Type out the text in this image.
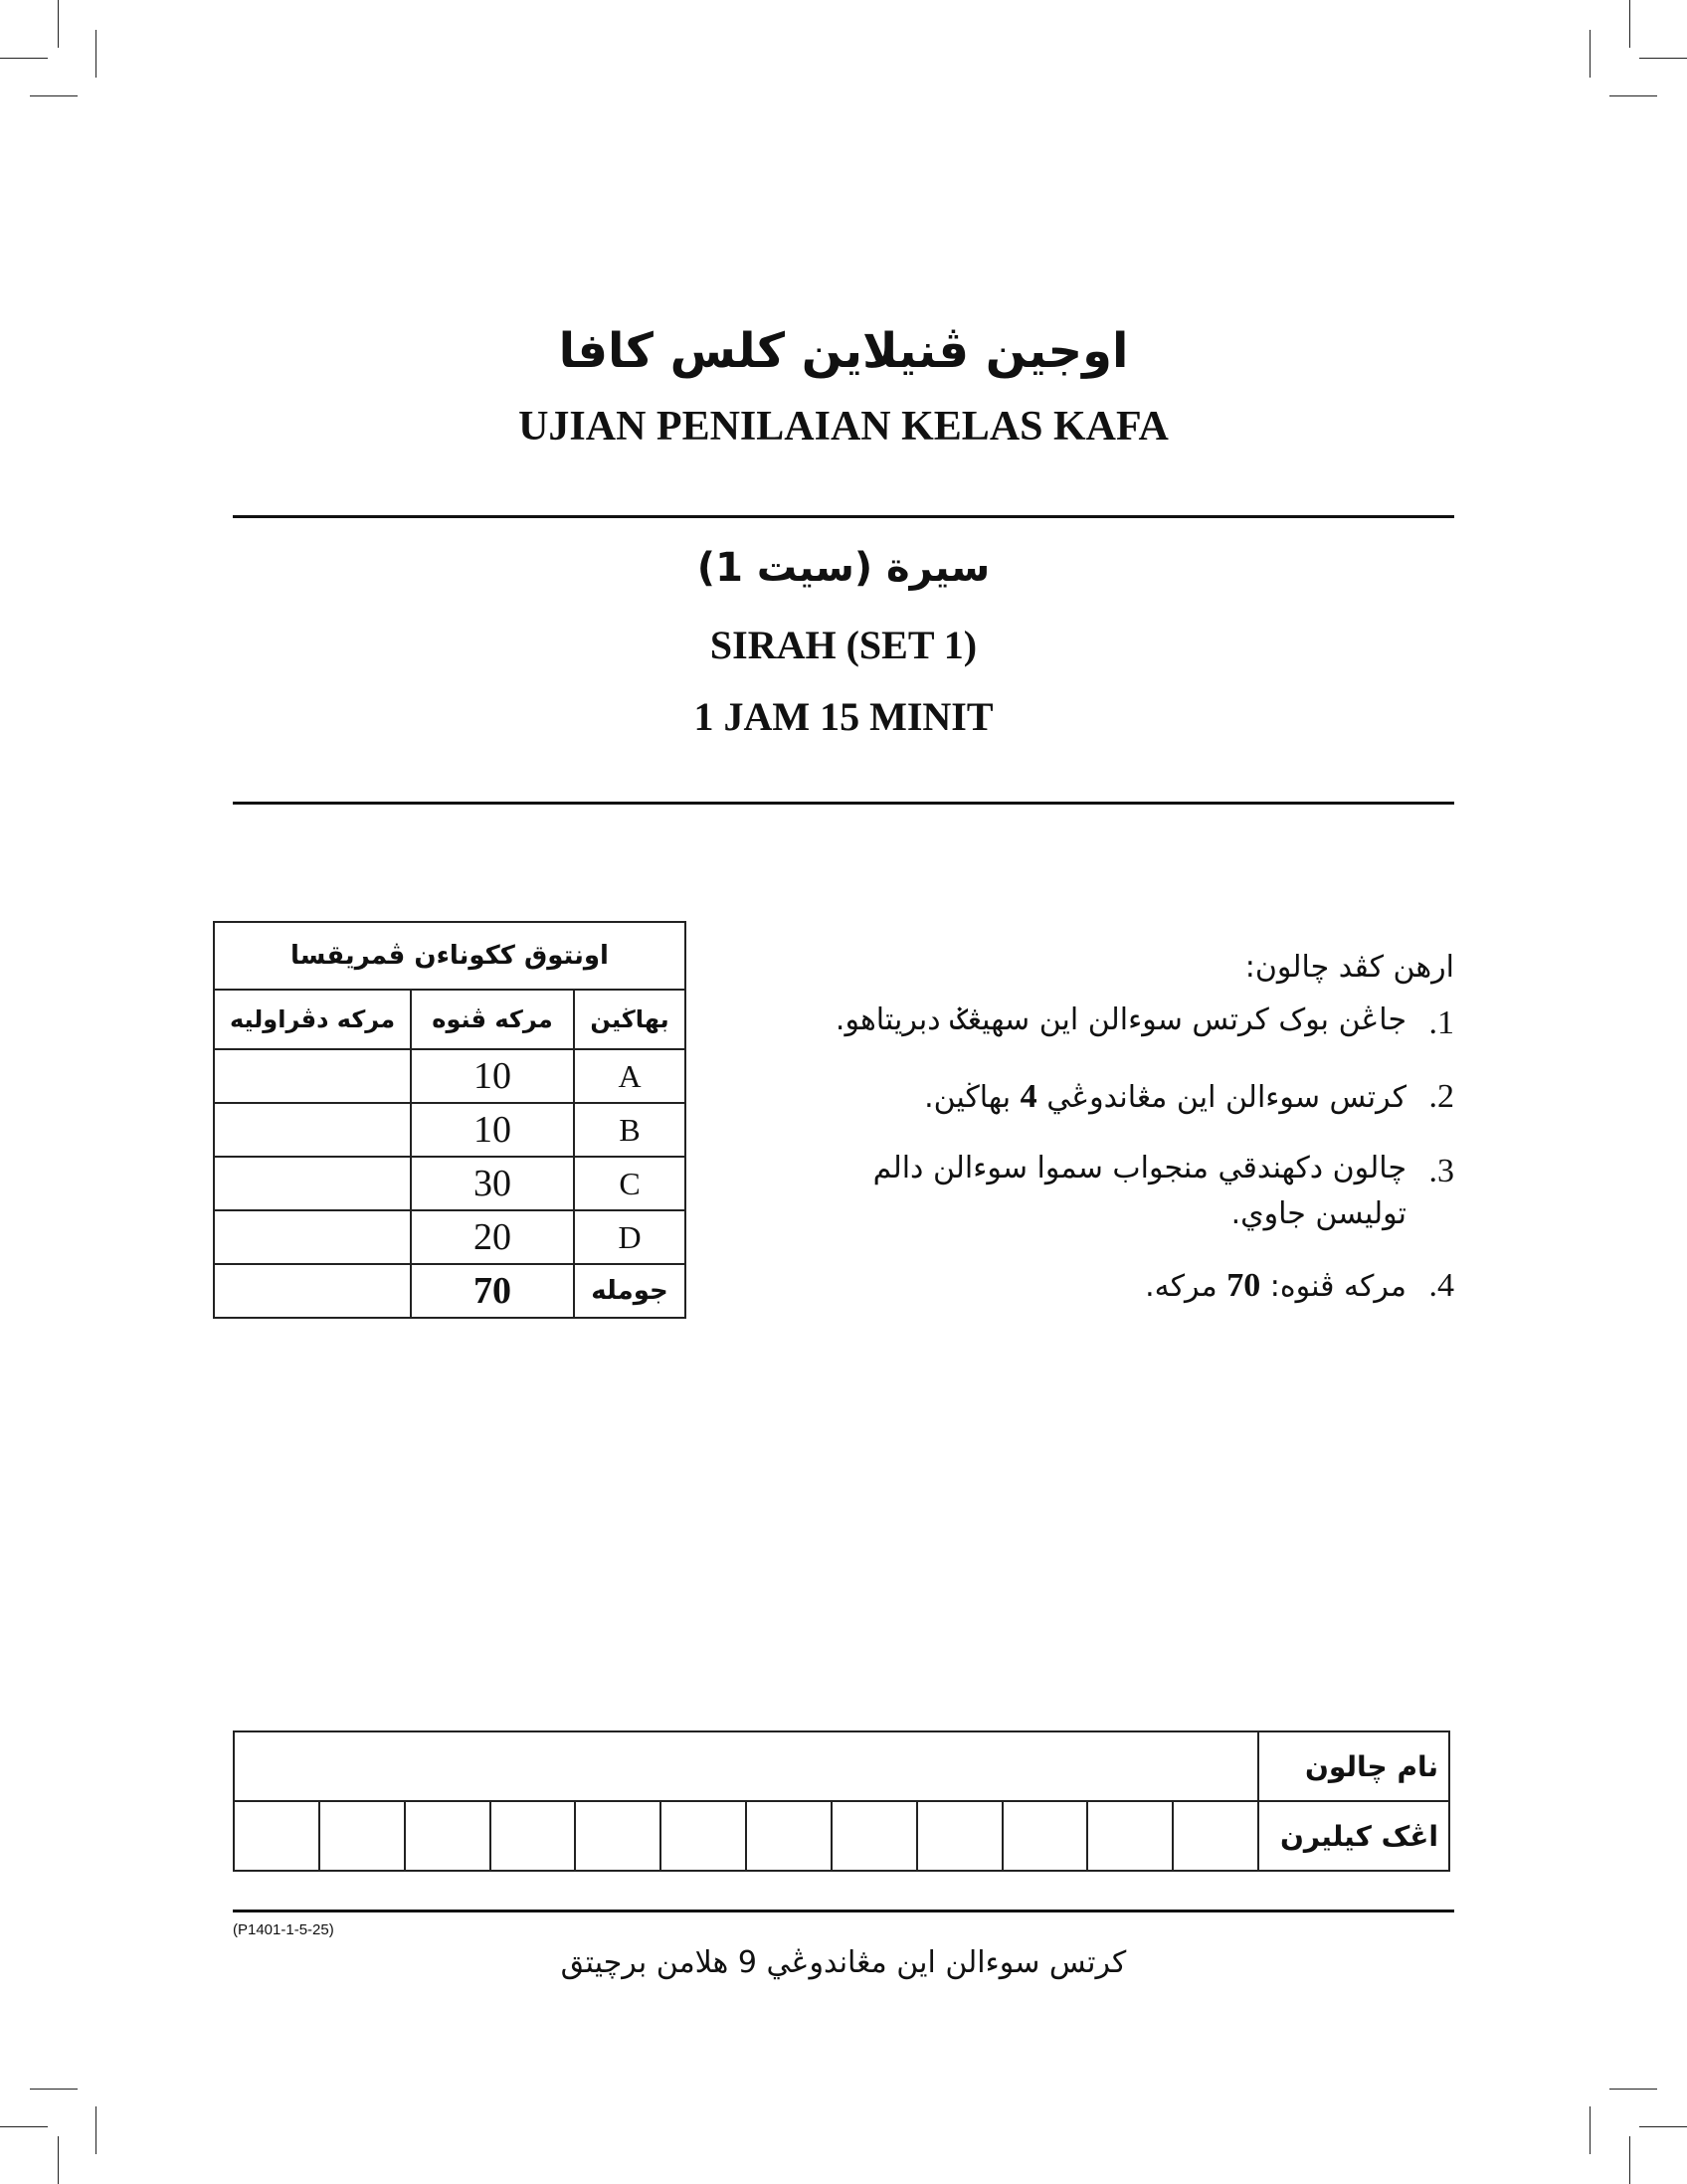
اوجين ڤنيلاين کلس کافا
UJIAN PENILAIAN KELAS KAFA
سيرة (سيت 1)
SIRAH (SET 1)
1 JAM 15 MINIT
اونتوق ککوناءن ڤمريقسا		
بهاڬين	مرکه ڤنوه	مرکه دڤراوليه
A	10	
B	10	
C	30	
D	20	
جومله	70	
ارهن کڤد چالون:
1.
جاڠن بوک کرتس سوءالن اين سهيڠݢ دبريتاهو.
2.
کرتس سوءالن اين مڠاندوڠي 4 بهاڬين.
3.
چالون دکهندقي منجواب سموا سوءالن دالم توليسن جاوي.
4.
مرکه ڤنوه: 70 مرکه.
نام چالون												
اڠک کيليرن												
(P1401-1-5-25)
کرتس سوءالن اين مڠاندوڠي 9 هلامن برچيتق
